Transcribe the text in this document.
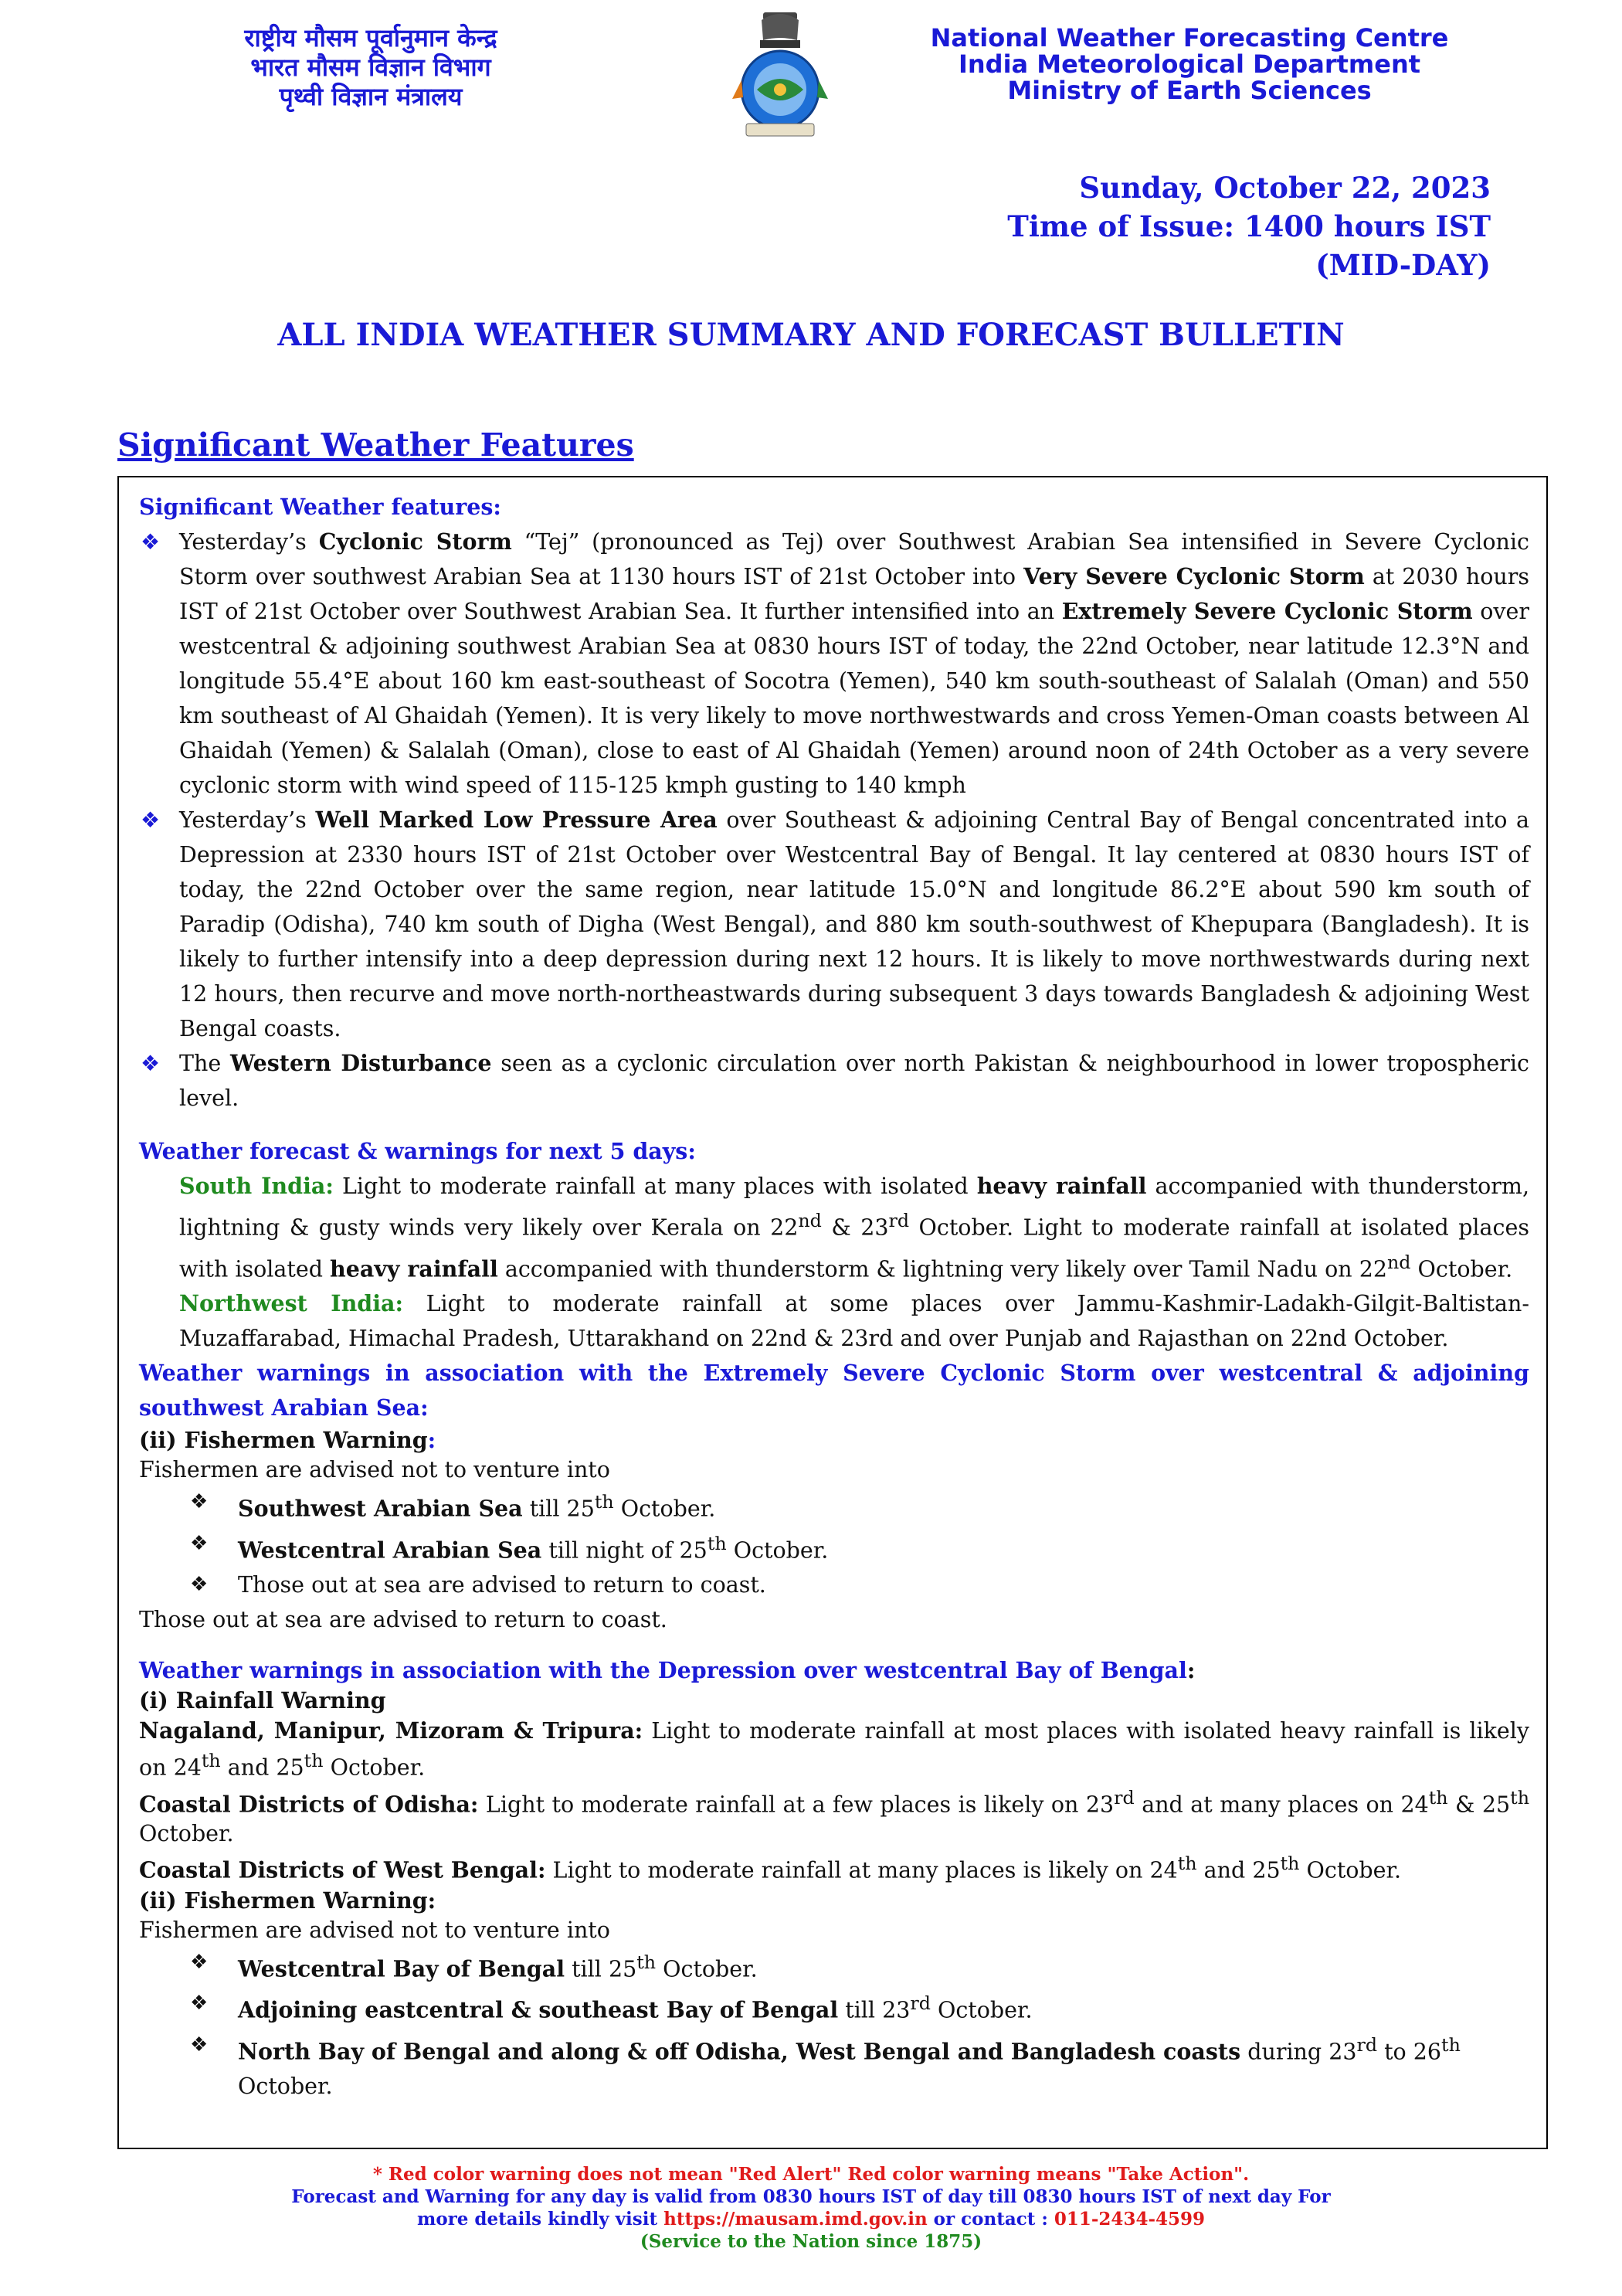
राष्ट्रीय मौसम पूर्वानुमान केन्द्र
भारत मौसम विज्ञान विभाग
पृथ्वी विज्ञान मंत्रालय
National Weather Forecasting Centre
India Meteorological Department
Ministry of Earth Sciences
Sunday, October 22, 2023
Time of Issue: 1400 hours IST
(MID-DAY)
ALL INDIA WEATHER SUMMARY AND FORECAST BULLETIN
Significant Weather Features
Significant Weather features:
❖ Yesterday’s Cyclonic Storm “Tej” (pronounced as Tej) over Southwest Arabian Sea intensified in Severe Cyclonic Storm over southwest Arabian Sea at 1130 hours IST of 21st October into Very Severe Cyclonic Storm at 2030 hours IST of 21st October over Southwest Arabian Sea. It further intensified into an Extremely Severe Cyclonic Storm over westcentral & adjoining southwest Arabian Sea at 0830 hours IST of today, the 22nd October, near latitude 12.3°N and longitude 55.4°E about 160 km east-southeast of Socotra (Yemen), 540 km south-southeast of Salalah (Oman) and 550 km southeast of Al Ghaidah (Yemen). It is very likely to move northwestwards and cross Yemen-Oman coasts between Al Ghaidah (Yemen) & Salalah (Oman), close to east of Al Ghaidah (Yemen) around noon of 24th October as a very severe cyclonic storm with wind speed of 115-125 kmph gusting to 140 kmph
❖ Yesterday’s Well Marked Low Pressure Area over Southeast & adjoining Central Bay of Bengal concentrated into a Depression at 2330 hours IST of 21st October over Westcentral Bay of Bengal. It lay centered at 0830 hours IST of today, the 22nd October over the same region, near latitude 15.0°N and longitude 86.2°E about 590 km south of Paradip (Odisha), 740 km south of Digha (West Bengal), and 880 km south-southwest of Khepupara (Bangladesh). It is likely to further intensify into a deep depression during next 12 hours. It is likely to move northwestwards during next 12 hours, then recurve and move north-northeastwards during subsequent 3 days towards Bangladesh & adjoining West Bengal coasts.
❖ The Western Disturbance seen as a cyclonic circulation over north Pakistan & neighbourhood in lower tropospheric level.
Weather forecast & warnings for next 5 days:
South India: Light to moderate rainfall at many places with isolated heavy rainfall accompanied with thunderstorm, lightning & gusty winds very likely over Kerala on 22nd & 23rd October. Light to moderate rainfall at isolated places with isolated heavy rainfall accompanied with thunderstorm & lightning very likely over Tamil Nadu on 22nd October.
Northwest India: Light to moderate rainfall at some places over Jammu-Kashmir-Ladakh-Gilgit-Baltistan-Muzaffarabad, Himachal Pradesh, Uttarakhand on 22nd & 23rd and over Punjab and Rajasthan on 22nd October.
Weather warnings in association with the Extremely Severe Cyclonic Storm over westcentral & adjoining southwest Arabian Sea:
(ii) Fishermen Warning:
Fishermen are advised not to venture into
❖ Southwest Arabian Sea till 25th October.
❖ Westcentral Arabian Sea till night of 25th October.
❖ Those out at sea are advised to return to coast.
Those out at sea are advised to return to coast.
Weather warnings in association with the Depression over westcentral Bay of Bengal:
(i) Rainfall Warning
Nagaland, Manipur, Mizoram & Tripura: Light to moderate rainfall at most places with isolated heavy rainfall is likely on 24th and 25th October.
Coastal Districts of Odisha: Light to moderate rainfall at a few places is likely on 23rd and at many places on 24th & 25th October.
Coastal Districts of West Bengal: Light to moderate rainfall at many places is likely on 24th and 25th October.
(ii) Fishermen Warning:
Fishermen are advised not to venture into
❖ Westcentral Bay of Bengal till 25th October.
❖ Adjoining eastcentral & southeast Bay of Bengal till 23rd October.
❖ North Bay of Bengal and along & off Odisha, West Bengal and Bangladesh coasts during 23rd to 26th October.
* Red color warning does not mean "Red Alert" Red color warning means "Take Action".
Forecast and Warning for any day is valid from 0830 hours IST of day till 0830 hours IST of next day For
more details kindly visit https://mausam.imd.gov.in or contact : 011-2434-4599
(Service to the Nation since 1875)
